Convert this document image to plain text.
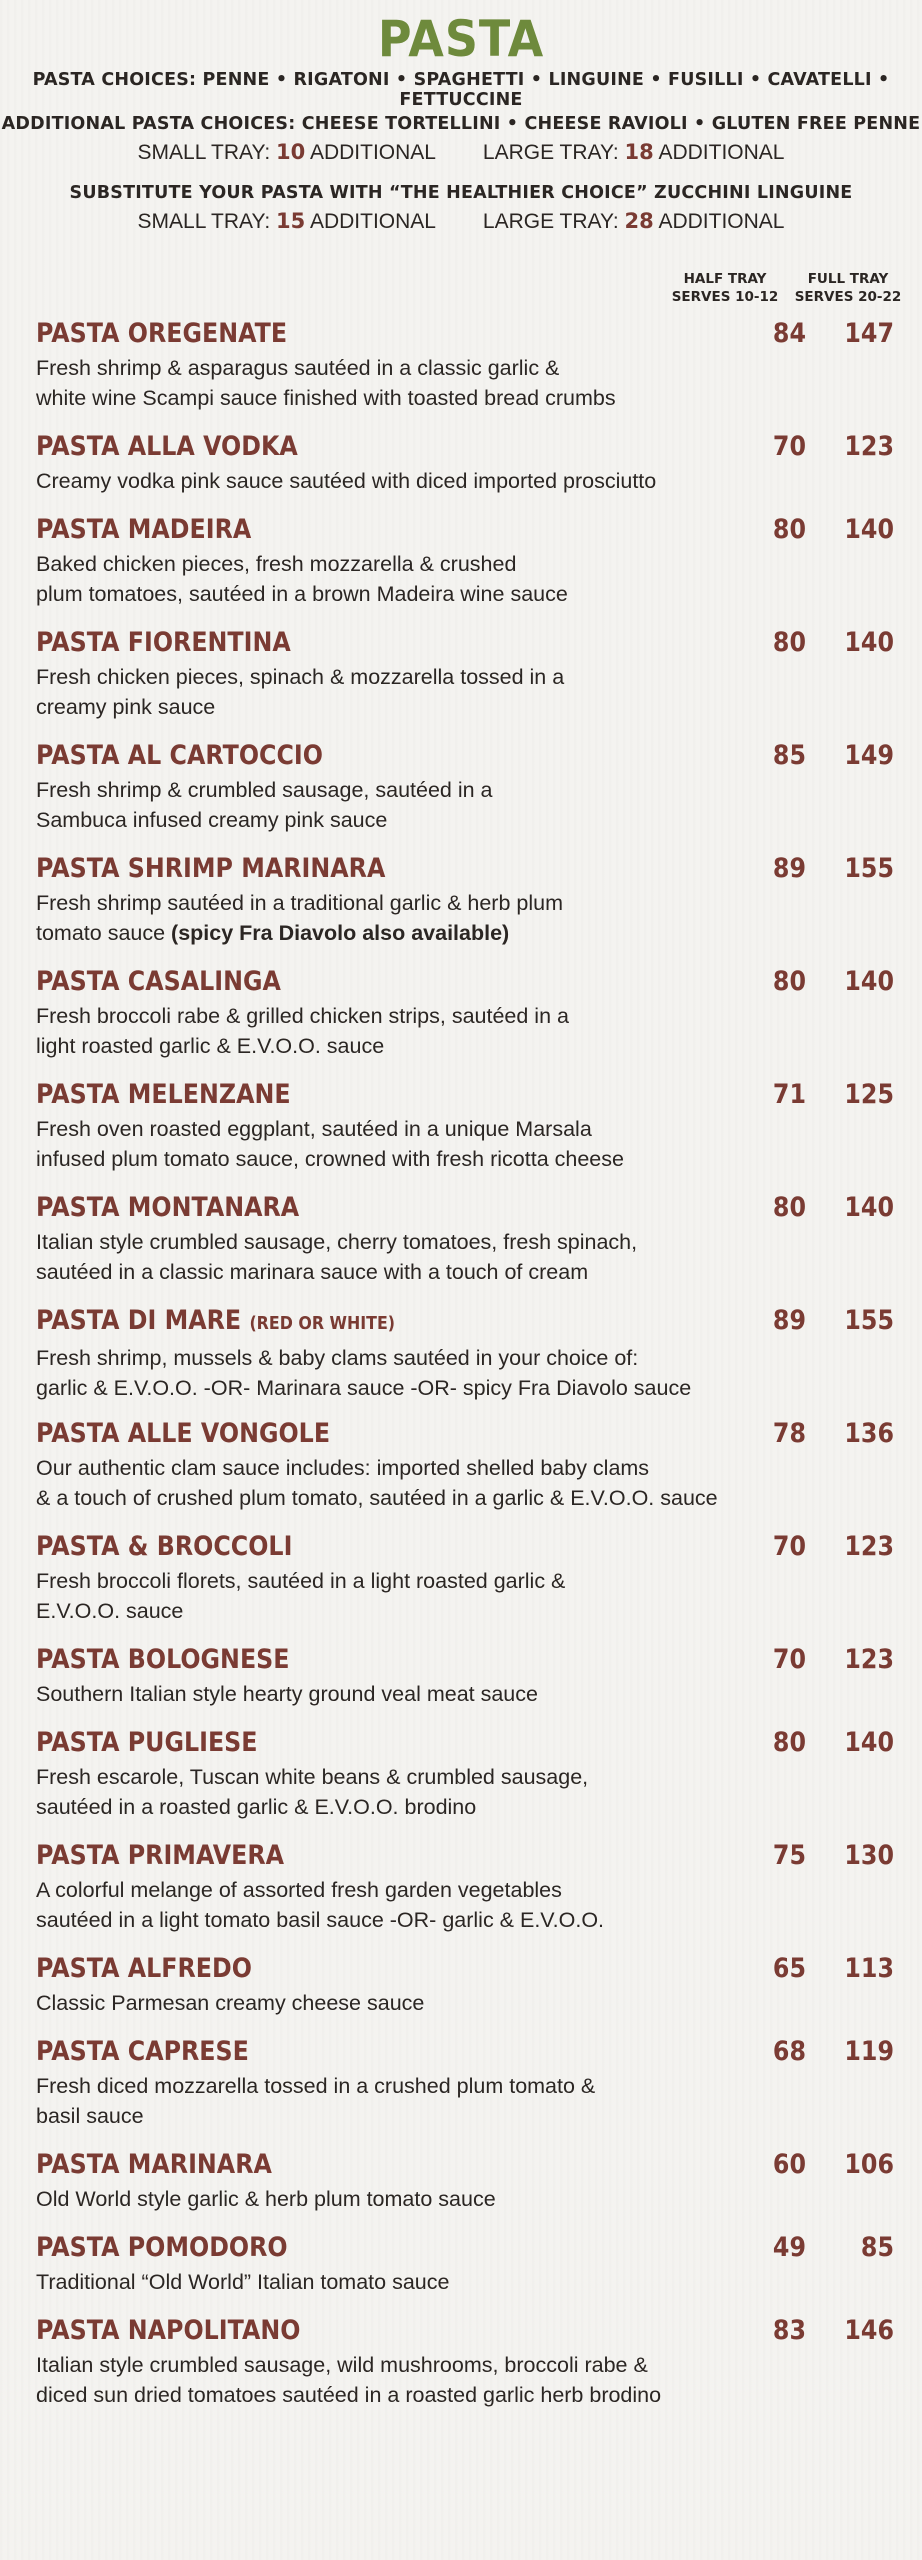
PASTA
PASTA CHOICES: PENNE • RIGATONI • SPAGHETTI • LINGUINE • FUSILLI • CAVATELLI • FETTUCCINE
ADDITIONAL PASTA CHOICES: CHEESE TORTELLINI • CHEESE RAVIOLI • GLUTEN FREE PENNE
SMALL TRAY: 10 ADDITIONAL LARGE TRAY: 18 ADDITIONAL
SUBSTITUTE YOUR PASTA WITH “THE HEALTHIER CHOICE” ZUCCHINI LINGUINE
SMALL TRAY: 15 ADDITIONAL LARGE TRAY: 28 ADDITIONAL
HALF TRAY
SERVES 10-12
FULL TRAY
SERVES 20-22
PASTA OREGENATE
Fresh shrimp & asparagus sautéed in a classic garlic &
white wine Scampi sauce finished with toasted bread crumbs
84	147
PASTA ALLA VODKA
Creamy vodka pink sauce sautéed with diced imported prosciutto
70	123
PASTA MADEIRA
Baked chicken pieces, fresh mozzarella & crushed
plum tomatoes, sautéed in a brown Madeira wine sauce
80	140
PASTA FIORENTINA
Fresh chicken pieces, spinach & mozzarella tossed in a
creamy pink sauce
80	140
PASTA AL CARTOCCIO
Fresh shrimp & crumbled sausage, sautéed in a
Sambuca infused creamy pink sauce
85	149
PASTA SHRIMP MARINARA
Fresh shrimp sautéed in a traditional garlic & herb plum
tomato sauce (spicy Fra Diavolo also available)
89	155
PASTA CASALINGA
Fresh broccoli rabe & grilled chicken strips, sautéed in a
light roasted garlic & E.V.O.O. sauce
80	140
PASTA MELENZANE
Fresh oven roasted eggplant, sautéed in a unique Marsala
infused plum tomato sauce, crowned with fresh ricotta cheese
71	125
PASTA MONTANARA
Italian style crumbled sausage, cherry tomatoes, fresh spinach,
sautéed in a classic marinara sauce with a touch of cream
80	140
PASTA DI MARE (RED OR WHITE)
Fresh shrimp, mussels & baby clams sautéed in your choice of:
garlic & E.V.O.O. -OR- Marinara sauce -OR- spicy Fra Diavolo sauce
89	155
PASTA ALLE VONGOLE
Our authentic clam sauce includes: imported shelled baby clams
& a touch of crushed plum tomato, sautéed in a garlic & E.V.O.O. sauce
78	136
PASTA & BROCCOLI
Fresh broccoli florets, sautéed in a light roasted garlic &
E.V.O.O. sauce
70	123
PASTA BOLOGNESE
Southern Italian style hearty ground veal meat sauce
70	123
PASTA PUGLIESE
Fresh escarole, Tuscan white beans & crumbled sausage,
sautéed in a roasted garlic & E.V.O.O. brodino
80	140
PASTA PRIMAVERA
A colorful melange of assorted fresh garden vegetables
sautéed in a light tomato basil sauce -OR- garlic & E.V.O.O.
75	130
PASTA ALFREDO
Classic Parmesan creamy cheese sauce
65	113
PASTA CAPRESE
Fresh diced mozzarella tossed in a crushed plum tomato &
basil sauce
68	119
PASTA MARINARA
Old World style garlic & herb plum tomato sauce
60	106
PASTA POMODORO
Traditional “Old World” Italian tomato sauce
49	85
PASTA NAPOLITANO
Italian style crumbled sausage, wild mushrooms, broccoli rabe &
diced sun dried tomatoes sautéed in a roasted garlic herb brodino
83	146
